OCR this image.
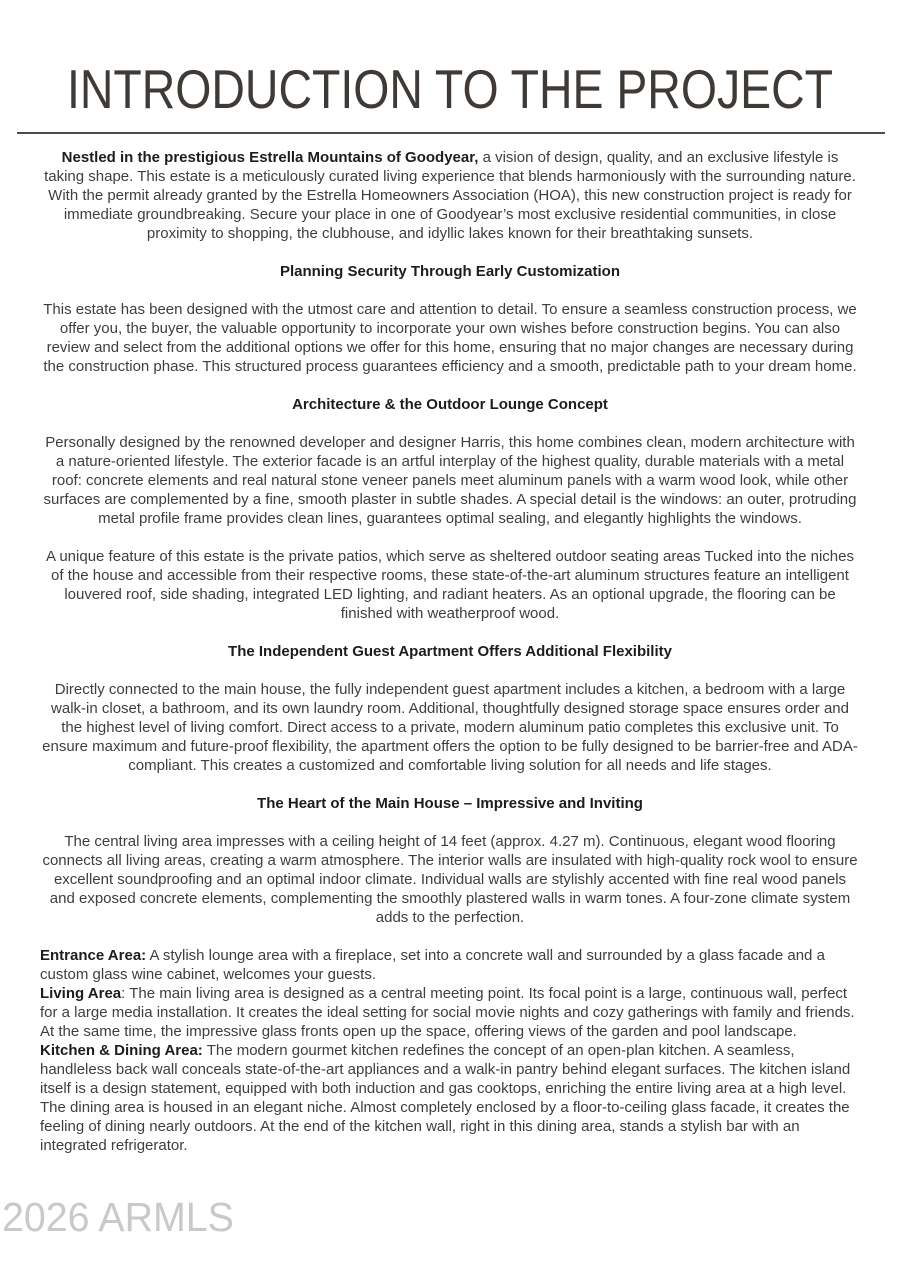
INTRODUCTION TO THE PROJECT

Nestled in the prestigious Estrella Mountains of Goodyear, a vision of design, quality, and an exclusive lifestyle is taking shape. This estate is a meticulously curated living experience that blends harmoniously with the surrounding nature. With the permit already granted by the Estrella Homeowners Association (HOA), this new construction project is ready for immediate groundbreaking. Secure your place in one of Goodyear’s most exclusive residential communities, in close proximity to shopping, the clubhouse, and idyllic lakes known for their breathtaking sunsets.

Planning Security Through Early Customization

This estate has been designed with the utmost care and attention to detail. To ensure a seamless construction process, we offer you, the buyer, the valuable opportunity to incorporate your own wishes before construction begins. You can also review and select from the additional options we offer for this home, ensuring that no major changes are necessary during the construction phase. This structured process guarantees efficiency and a smooth, predictable path to your dream home.

Architecture & the Outdoor Lounge Concept

Personally designed by the renowned developer and designer Harris, this home combines clean, modern architecture with a nature-oriented lifestyle. The exterior facade is an artful interplay of the highest quality, durable materials with a metal roof: concrete elements and real natural stone veneer panels meet aluminum panels with a warm wood look, while other surfaces are complemented by a fine, smooth plaster in subtle shades. A special detail is the windows: an outer, protruding metal profile frame provides clean lines, guarantees optimal sealing, and elegantly highlights the windows.

A unique feature of this estate is the private patios, which serve as sheltered outdoor seating areas Tucked into the niches of the house and accessible from their respective rooms, these state-of-the-art aluminum structures feature an intelligent louvered roof, side shading, integrated LED lighting, and radiant heaters. As an optional upgrade, the flooring can be finished with weatherproof wood.

The Independent Guest Apartment Offers Additional Flexibility

Directly connected to the main house, the fully independent guest apartment includes a kitchen, a bedroom with a large walk-in closet, a bathroom, and its own laundry room. Additional, thoughtfully designed storage space ensures order and the highest level of living comfort. Direct access to a private, modern aluminum patio completes this exclusive unit. To ensure maximum and future-proof flexibility, the apartment offers the option to be fully designed to be barrier-free and ADA-compliant. This creates a customized and comfortable living solution for all needs and life stages.

The Heart of the Main House – Impressive and Inviting

The central living area impresses with a ceiling height of 14 feet (approx. 4.27 m). Continuous, elegant wood flooring connects all living areas, creating a warm atmosphere. The interior walls are insulated with high-quality rock wool to ensure excellent soundproofing and an optimal indoor climate. Individual walls are stylishly accented with fine real wood panels and exposed concrete elements, complementing the smoothly plastered walls in warm tones. A four-zone climate system adds to the perfection.

Entrance Area: A stylish lounge area with a fireplace, set into a concrete wall and surrounded by a glass facade and a custom glass wine cabinet, welcomes your guests.
Living Area: The main living area is designed as a central meeting point. Its focal point is a large, continuous wall, perfect for a large media installation. It creates the ideal setting for social movie nights and cozy gatherings with family and friends. At the same time, the impressive glass fronts open up the space, offering views of the garden and pool landscape.
Kitchen & Dining Area: The modern gourmet kitchen redefines the concept of an open-plan kitchen. A seamless, handleless back wall conceals state-of-the-art appliances and a walk-in pantry behind elegant surfaces. The kitchen island itself is a design statement, equipped with both induction and gas cooktops, enriching the entire living area at a high level. The dining area is housed in an elegant niche. Almost completely enclosed by a floor-to-ceiling glass facade, it creates the feeling of dining nearly outdoors. At the end of the kitchen wall, right in this dining area, stands a stylish bar with an integrated refrigerator.
2026 ARMLS
